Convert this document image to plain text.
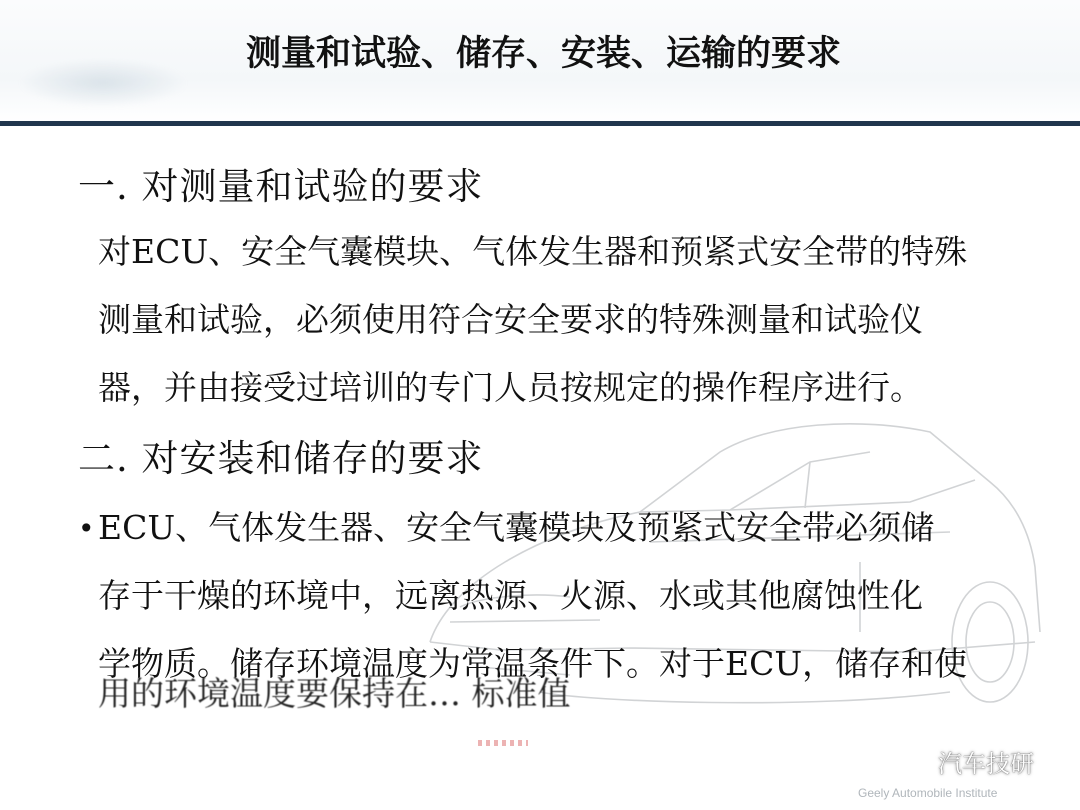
测量和试验、储存、安装、运输的要求
一. 对测量和试验的要求
对ECU、安全气囊模块、气体发生器和预紧式安全带的特殊
测量和试验，必须使用符合安全要求的特殊测量和试验仪
器，并由接受过培训的专门人员按规定的操作程序进行。
二. 对安装和储存的要求
• ECU、气体发生器、安全气囊模块及预紧式安全带必须储
存于干燥的环境中，远离热源、火源、水或其他腐蚀性化
学物质。储存环境温度为常温条件下。对于ECU，储存和使
用的环境温度要保持在… 标准值
Geely Automobile Institute
汽车技研
